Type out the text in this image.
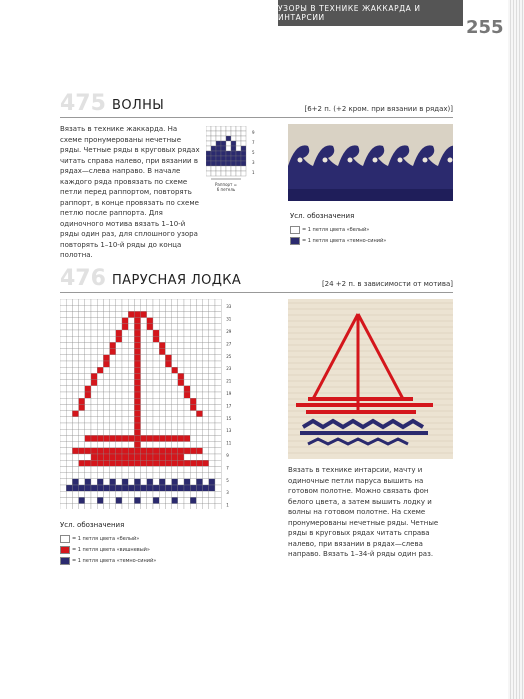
УЗОРЫ В ТЕХНИКЕ ЖАККАРДА И ИНТАРСИИ	255
475 ВОЛНЫ	[6+2 п. (+2 кром. при вязании в рядах)]
Вязать в технике жаккарда. На схеме пронумерованы нечетные ряды. Четные ряды в круговых рядах читать справа налево, при вязании в рядах—слева направо. В начале каждого ряда провязать по схеме петли перед раппортом, повторять раппорт, в конце провязать по схеме петлю после раппорта. Для одиночного мотива вязать 1–10-й ряды один раз, для сплошного узора повторять 1–10-й ряды до конца полотна.
9
7
5
3
1
Раппорт =
6 петель
Усл. обозначения
= 1 петля цвета «белый»
= 1 петля цвета «темно-синий»
476 ПАРУСНАЯ ЛОДКА	[24 +2 п. в зависимости от мотива]
33
31
29
27
25
23
21
19
17
15
13
11
9
7
5
3
1
Вязать в технике интарсии, мачту и одиночные петли паруса вышить на готовом полотне. Можно связать фон белого цвета, а затем вышить лодку и волны на готовом полотне. На схеме пронумерованы нечетные ряды. Четные ряды в круговых рядах читать справа налево, при вязании в рядах—слева направо. Вязать 1–34-й ряды один раз.
Усл. обозначения
= 1 петля цвета «белый»
= 1 петля цвета «вишневый»
= 1 петля цвета «темно-синий»
